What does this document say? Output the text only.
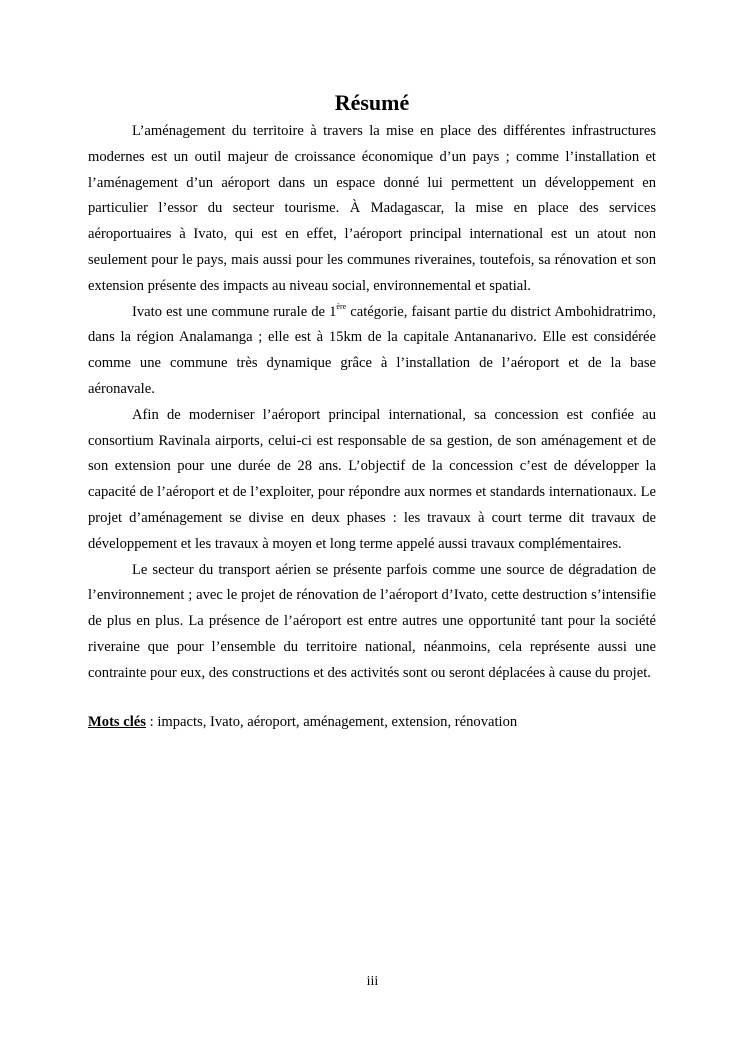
Résumé

L’aménagement du territoire à travers la mise en place des différentes infrastructures modernes est un outil majeur de croissance économique d’un pays ; comme l’installation et l’aménagement d’un aéroport dans un espace donné lui permettent un développement en particulier l’essor du secteur tourisme. À Madagascar, la mise en place des services aéroportuaires à Ivato, qui est en effet, l’aéroport principal international est un atout non seulement pour le pays, mais aussi pour les communes riveraines, toutefois, sa rénovation et son extension présente des impacts au niveau social, environnemental et spatial.

Ivato est une commune rurale de 1ère catégorie, faisant partie du district Ambohidratrimo, dans la région Analamanga ; elle est à 15km de la capitale Antananarivo. Elle est considérée comme une commune très dynamique grâce à l’installation de l’aéroport et de la base aéronavale.

Afin de moderniser l’aéroport principal international, sa concession est confiée au consortium Ravinala airports, celui-ci est responsable de sa gestion, de son aménagement et de son extension pour une durée de 28 ans. L’objectif de la concession c’est de développer la capacité de l’aéroport et de l’exploiter, pour répondre aux normes et standards internationaux. Le projet d’aménagement se divise en deux phases : les travaux à court terme dit travaux de développement et les travaux à moyen et long terme appelé aussi travaux complémentaires.

Le secteur du transport aérien se présente parfois comme une source de dégradation de l’environnement ; avec le projet de rénovation de l’aéroport d’Ivato, cette destruction s’intensifie de plus en plus. La présence de l’aéroport est entre autres une opportunité tant pour la société riveraine que pour l’ensemble du territoire national, néanmoins, cela représente aussi une contrainte pour eux, des constructions et des activités sont ou seront déplacées à cause du projet.

Mots clés : impacts, Ivato, aéroport, aménagement, extension, rénovation

iii
